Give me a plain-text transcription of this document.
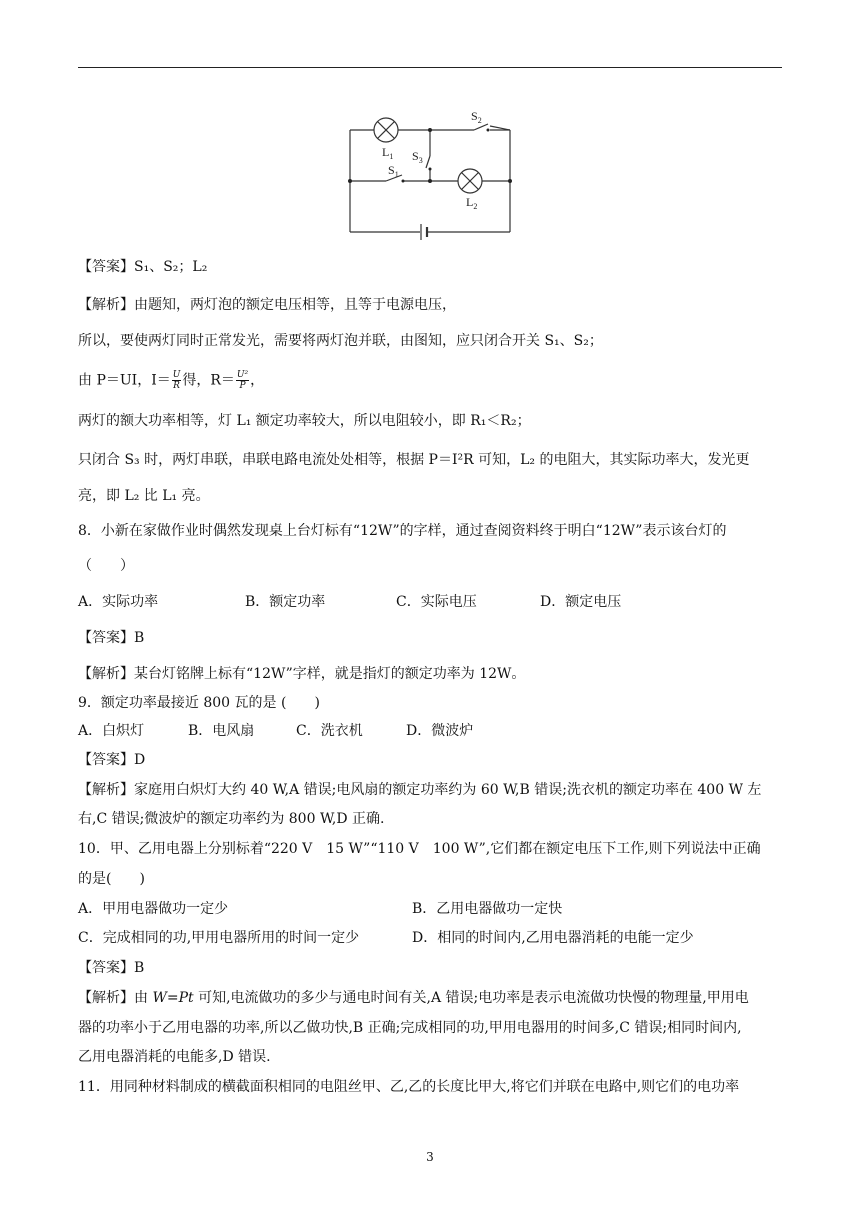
$S_2$
$S_3$
$S_1$
$L_1$
$L_2$
【答案】S₁、S₂；L₂
【解析】由题知，两灯泡的额定电压相等，且等于电源电压，
所以，要使两灯同时正常发光，需要将两灯泡并联，由图知，应只闭合开关 S₁、S₂；
由 P＝UI，$I= \frac{U}{R}$ 得，$R= \frac{\text{U²}}{P}$ ，
两灯的额大功率相等，灯 L₁ 额定功率较大，所以电阻较小，即 R₁＜R₂；
只闭合 S₃ 时，两灯串联，串联电路电流处处相等，根据 P＝I²R 可知，L₂ 的电阻大，其实际功率大，发光更
亮，即 L₂ 比 L₁ 亮。
8．小新在家做作业时偶然发现桌上台灯标有“12W”的字样，通过查阅资料终于明白“12W”表示该台灯的
（　　）
A．实际功率	B．额定功率	C．实际电压	D．额定电压
【答案】B
【解析】某台灯铭牌上标有“12W”字样，就是指灯的额定功率为 12W。
9．额定功率最接近 800 瓦的是 (　　)
A．白炽灯	B．电风扇	C．洗衣机	D．微波炉
【答案】D
【解析】家庭用白炽灯大约 40 W,A 错误;电风扇的额定功率约为 60 W,B 错误;洗衣机的额定功率在 400 W 左
右,C 错误;微波炉的额定功率约为 800 W,D 正确.
10．甲、乙用电器上分别标着“220 V　15 W”“110 V　100 W”,它们都在额定电压下工作,则下列说法中正确
的是(　　)
A．甲用电器做功一定少	B．乙用电器做功一定快
C．完成相同的功,甲用电器所用的时间一定少	D．相同的时间内,乙用电器消耗的电能一定少
【答案】B
【解析】由 W=Pt 可知,电流做功的多少与通电时间有关,A 错误;电功率是表示电流做功快慢的物理量,甲用电
器的功率小于乙用电器的功率,所以乙做功快,B 正确;完成相同的功,甲用电器用的时间多,C 错误;相同时间内,
乙用电器消耗的电能多,D 错误.
11．用同种材料制成的横截面积相同的电阻丝甲、乙,乙的长度比甲大,将它们并联在电路中,则它们的电功率
3
